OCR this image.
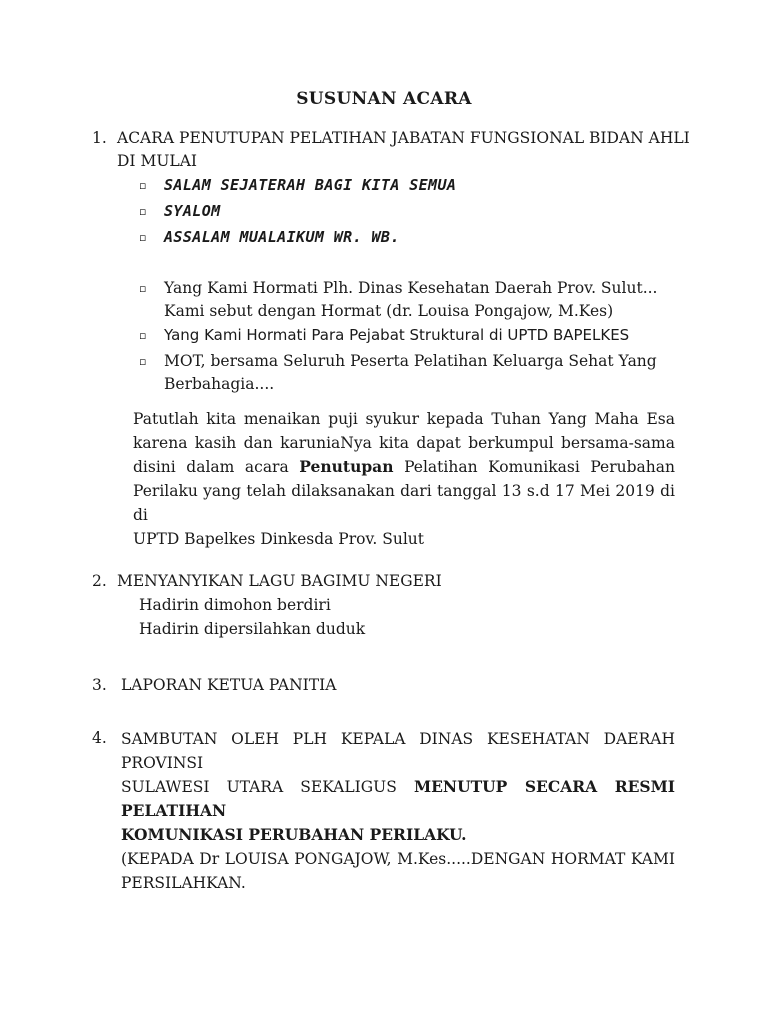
SUSUNAN ACARA
1. ACARA PENUTUPAN PELATIHAN JABATAN FUNGSIONAL BIDAN AHLI
DI MULAI
▫ SALAM SEJATERAH BAGI KITA SEMUA
▫ SYALOM
▫ ASSALAM MUALAIKUM WR. WB.
▫ Yang Kami Hormati Plh. Dinas Kesehatan Daerah Prov. Sulut...
Kami sebut dengan Hormat (dr. Louisa Pongajow, M.Kes)
▫ Yang Kami Hormati Para Pejabat Struktural di UPTD BAPELKES
▫ MOT, bersama Seluruh Peserta Pelatihan Keluarga Sehat Yang
Berbahagia....
Patutlah kita menaikan puji syukur kepada Tuhan Yang Maha Esa
karena kasih dan karuniaNya kita dapat berkumpul bersama-sama
disini dalam acara Penutupan Pelatihan Komunikasi Perubahan
Perilaku yang telah dilaksanakan dari tanggal 13 s.d 17 Mei 2019 di di
UPTD Bapelkes Dinkesda Prov. Sulut
2. MENYANYIKAN LAGU BAGIMU NEGERI
Hadirin dimohon berdiri
Hadirin dipersilahkan duduk
3. LAPORAN KETUA PANITIA
4. SAMBUTAN OLEH PLH KEPALA DINAS KESEHATAN DAERAH PROVINSI
SULAWESI UTARA SEKALIGUS MENUTUP SECARA RESMI PELATIHAN
KOMUNIKASI PERUBAHAN PERILAKU.
(KEPADA Dr LOUISA PONGAJOW, M.Kes.....DENGAN HORMAT KAMI
PERSILAHKAN.
